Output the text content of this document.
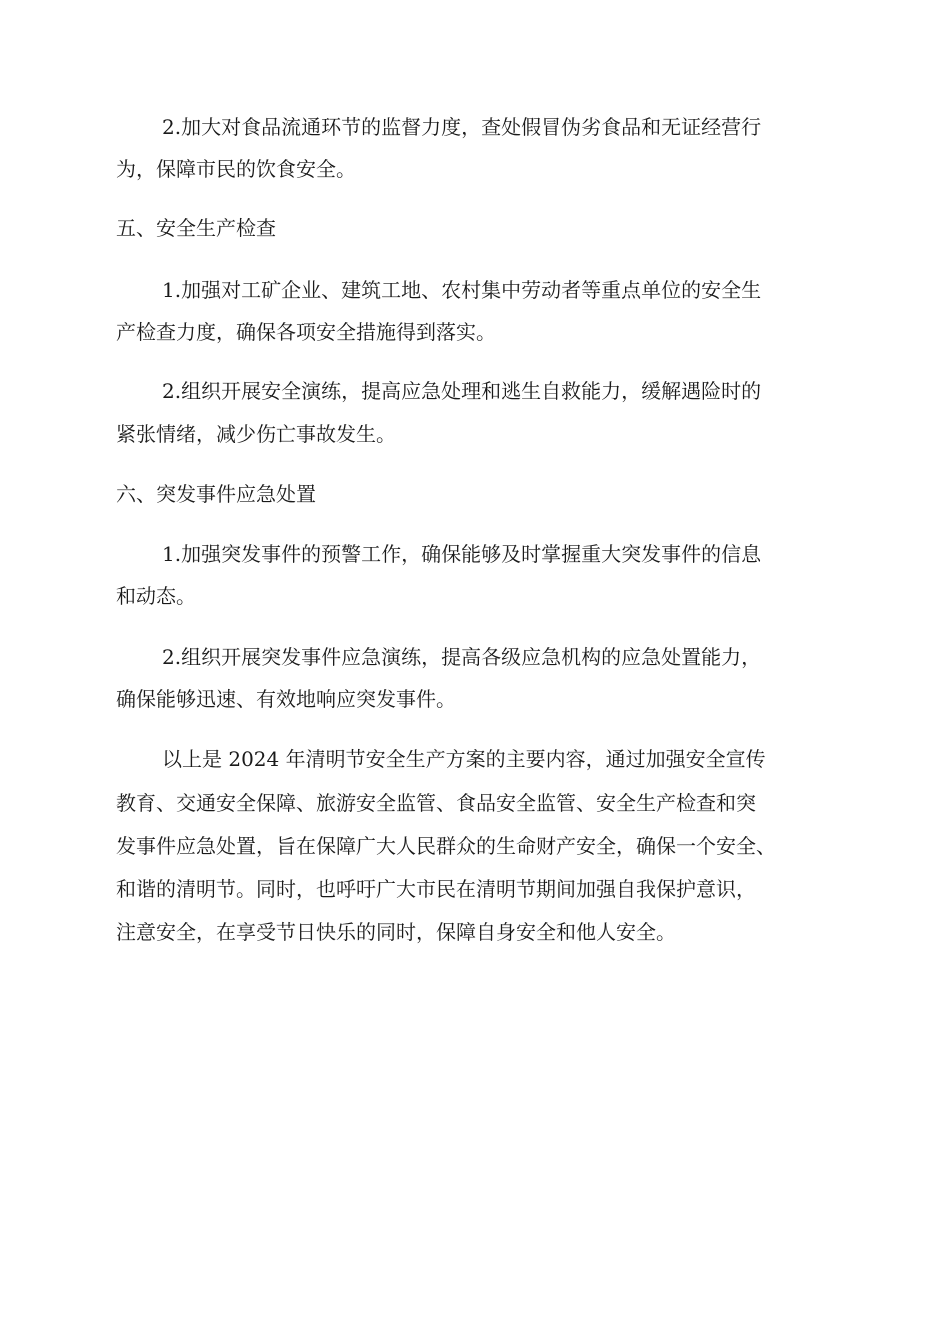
2.加大对食品流通环节的监督力度，查处假冒伪劣食品和无证经营行
为，保障市民的饮食安全。
五、安全生产检查
1.加强对工矿企业、建筑工地、农村集中劳动者等重点单位的安全生
产检查力度，确保各项安全措施得到落实。
2.组织开展安全演练，提高应急处理和逃生自救能力，缓解遇险时的
紧张情绪，减少伤亡事故发生。
六、突发事件应急处置
1.加强突发事件的预警工作，确保能够及时掌握重大突发事件的信息
和动态。
2.组织开展突发事件应急演练，提高各级应急机构的应急处置能力，
确保能够迅速、有效地响应突发事件。
以上是 2024 年清明节安全生产方案的主要内容，通过加强安全宣传
教育、交通安全保障、旅游安全监管、食品安全监管、安全生产检查和突
发事件应急处置，旨在保障广大人民群众的生命财产安全，确保一个安全、
和谐的清明节。同时，也呼吁广大市民在清明节期间加强自我保护意识，
注意安全，在享受节日快乐的同时，保障自身安全和他人安全。
